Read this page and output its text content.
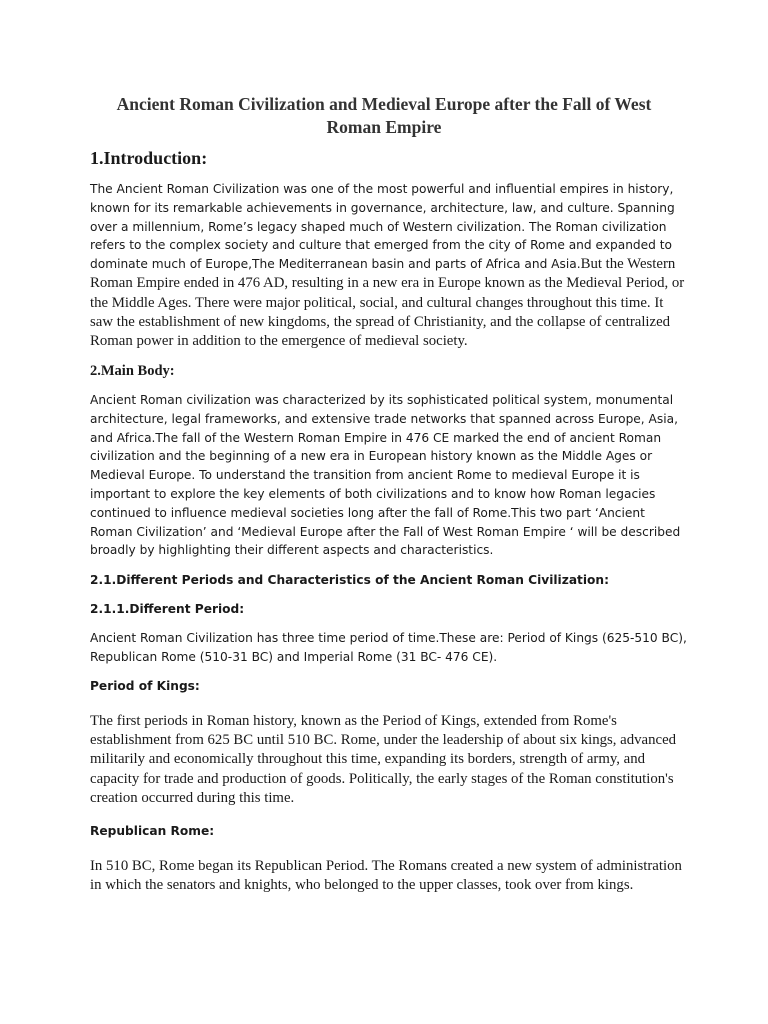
Ancient Roman Civilization and Medieval Europe after the Fall of West Roman Empire
1.Introduction:
The Ancient Roman Civilization was one of the most powerful and influential empires in history, known for its remarkable achievements in governance, architecture, law, and culture. Spanning over a millennium, Rome’s legacy shaped much of Western civilization. The Roman civilization refers to the complex society and culture that emerged from the city of Rome and expanded to dominate much of Europe,The Mediterranean basin and parts of Africa and Asia.But the Western Roman Empire ended in 476 AD, resulting in a new era in Europe known as the Medieval Period, or the Middle Ages. There were major political, social, and cultural changes throughout this time. It saw the establishment of new kingdoms, the spread of Christianity, and the collapse of centralized Roman power in addition to the emergence of medieval society.
2.Main Body:
Ancient Roman civilization was characterized by its sophisticated political system, monumental architecture, legal frameworks, and extensive trade networks that spanned across Europe, Asia, and Africa.The fall of the Western Roman Empire in 476 CE marked the end of ancient Roman civilization and the beginning of a new era in European history known as the Middle Ages or Medieval Europe. To understand the transition from ancient Rome to medieval Europe it is important to explore the key elements of both civilizations and to know how Roman legacies continued to influence medieval societies long after the fall of Rome.This two part ‘Ancient Roman Civilization’ and ‘Medieval Europe after the Fall of West Roman Empire ‘ will be described broadly by highlighting their different aspects and characteristics.
2.1.Different Periods and Characteristics of the Ancient Roman Civilization:
2.1.1.Different Period:
Ancient Roman Civilization has three time period of time.These are: Period of Kings (625-510 BC), Republican Rome (510-31 BC) and Imperial Rome (31 BC- 476 CE).
Period of Kings:
The first periods in Roman history, known as the Period of Kings, extended from Rome's establishment from 625 BC until 510 BC. Rome, under the leadership of about six kings, advanced militarily and economically throughout this time, expanding its borders, strength of army, and capacity for trade and production of goods. Politically, the early stages of the Roman constitution's creation occurred during this time.
Republican Rome:
In 510 BC, Rome began its Republican Period. The Romans created a new system of administration in which the senators and knights, who belonged to the upper classes, took over from kings.
